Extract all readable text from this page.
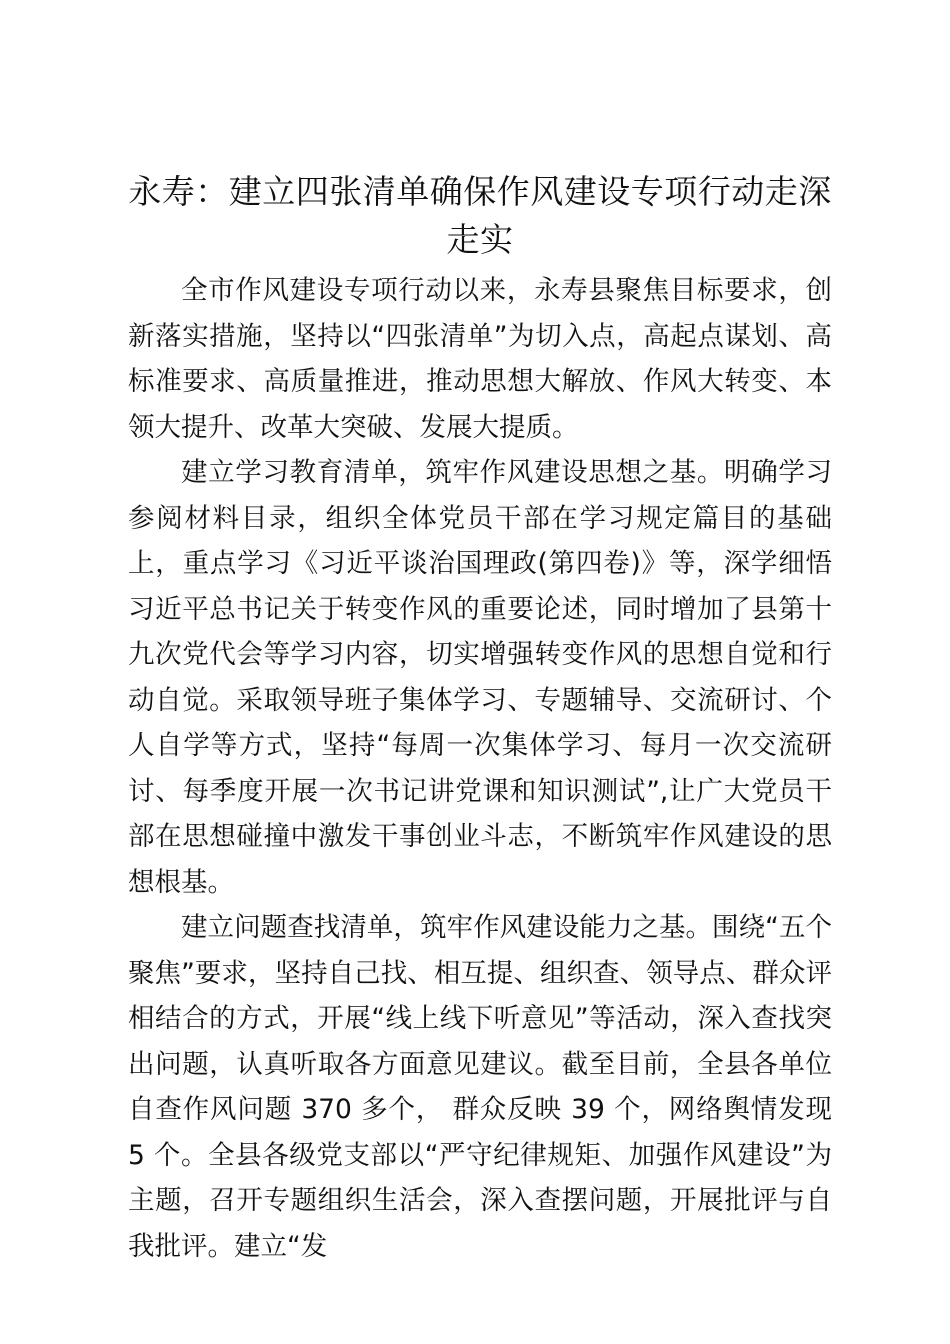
永寿：建立四张清单确保作风建设专项行动走深走实

全市作风建设专项行动以来，永寿县聚焦目标要求，创新落实措施，坚持以“四张清单”为切入点，高起点谋划、高标准要求、高质量推进，推动思想大解放、作风大转变、本领大提升、改革大突破、发展大提质。

建立学习教育清单，筑牢作风建设思想之基。明确学习参阅材料目录，组织全体党员干部在学习规定篇目的基础上，重点学习《习近平谈治国理政(第四卷)》等，深学细悟习近平总书记关于转变作风的重要论述，同时增加了县第十九次党代会等学习内容，切实增强转变作风的思想自觉和行动自觉。采取领导班子集体学习、专题辅导、交流研讨、个人自学等方式，坚持“每周一次集体学习、每月一次交流研讨、每季度开展一次书记讲党课和知识测试”,让广大党员干部在思想碰撞中激发干事创业斗志，不断筑牢作风建设的思想根基。

建立问题查找清单，筑牢作风建设能力之基。围绕“五个聚焦”要求，坚持自己找、相互提、组织查、领导点、群众评相结合的方式，开展“线上线下听意见”等活动，深入查找突出问题，认真听取各方面意见建议。截至目前，全县各单位自查作风问题 370 多个， 群众反映 39 个，网络舆情发现 5 个。全县各级党支部以“严守纪律规矩、加强作风建设”为主题，召开专题组织生活会，深入查摆问题，开展批评与自我批评。建立“发
